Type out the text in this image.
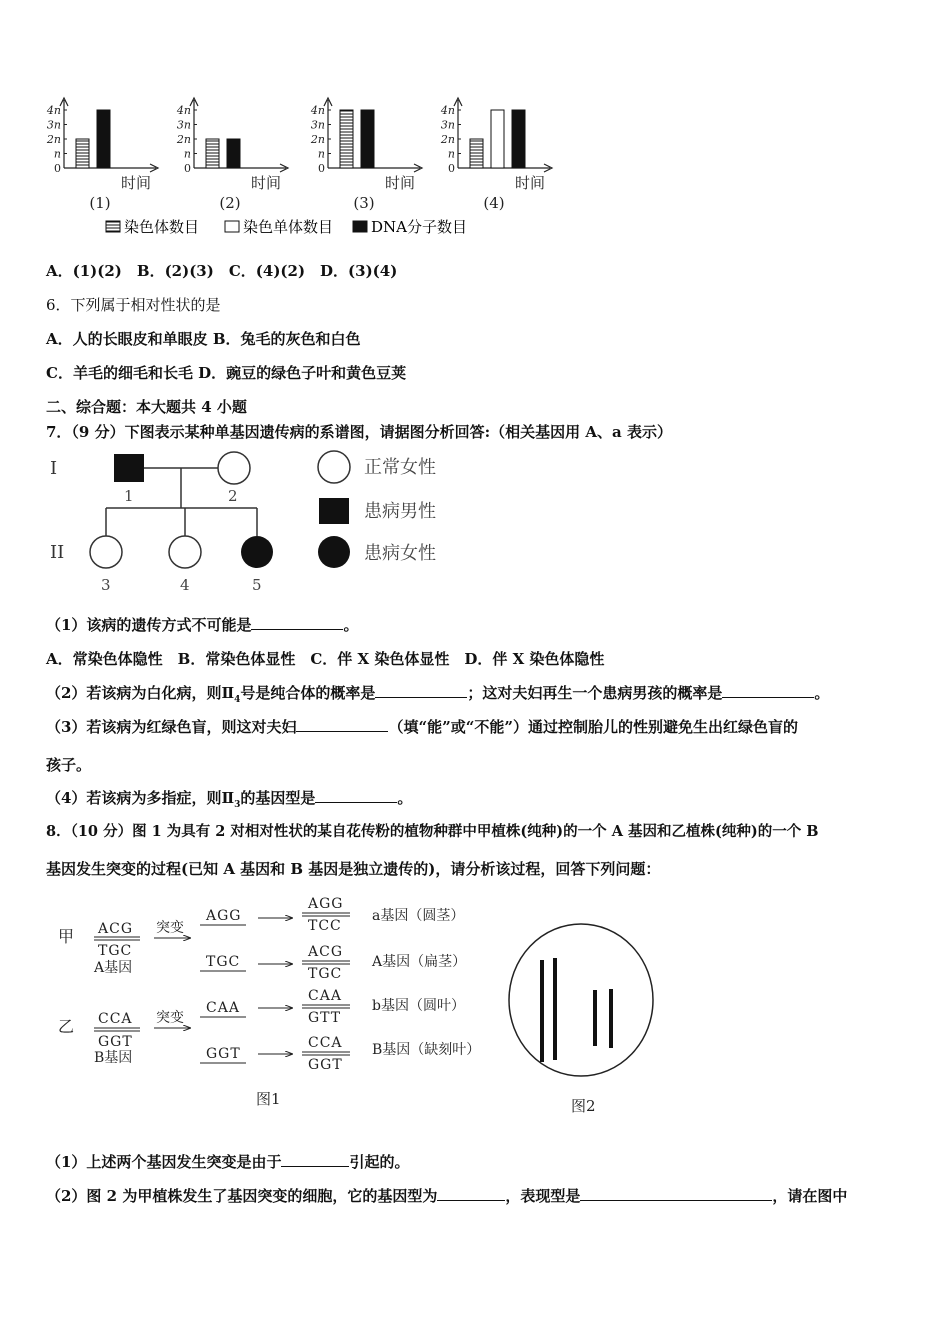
4n
3n
2n
n
0
时间
(1)
4n
3n
2n
n
0
时间
(2)
4n
3n
2n
n
0
时间
(3)
4n
3n
2n
n
0
时间
(4)
染色体数目	染色单体数目	DNA分子数目
A．(1)(2)　B．(2)(3)　C．(4)(2)　D．(3)(4)
6．下列属于相对性状的是
A．人的长眼皮和单眼皮 B．兔毛的灰色和白色
C．羊毛的细毛和长毛 D．豌豆的绿色子叶和黄色豆荚
二、综合题：本大题共 4 小题
7．（9 分）下图表示某种单基因遗传病的系谱图，请据图分析回答:（相关基因用 A、a 表示）
I
II
1	2
3	4	5
正常女性
患病男性
患病女性
（1）该病的遗传方式不可能是	。
A．常染色体隐性　B．常染色体显性　C．伴 X 染色体显性　D．伴 X 染色体隐性
（2）若该病为白化病，则$Ⅱ_4$号是纯合体的概率是	；这对夫妇再生一个患病男孩的概率是	。
（3）若该病为红绿色盲，则这对夫妇	（填“能”或“不能”）通过控制胎儿的性别避免生出红绿色盲的
孩子。
（4）若该病为多指症，则$Ⅱ_3$的基因型是	。
8．（10 分）图 1 为具有 2 对相对性状的某自花传粉的植物种群中甲植株(纯种)的一个 A 基因和乙植株(纯种)的一个 B
基因发生突变的过程(已知 A 基因和 B 基因是独立遗传的)，请分析该过程，回答下列问题：
甲 ACG
TGC
A基因
突变
AGG
AGG
TCC
a基因（圆茎）
TGC
ACG
TGC
A基因（扁茎）
乙 CCA
GGT
B基因
突变
CAA
CAA
GTT
b基因（圆叶）
GGT
CCA
GGT
B基因（缺刻叶）
图1	图2
（1）上述两个基因发生突变是由于	引起的。
（2）图 2 为甲植株发生了基因突变的细胞，它的基因型为	，表现型是	，请在图中
